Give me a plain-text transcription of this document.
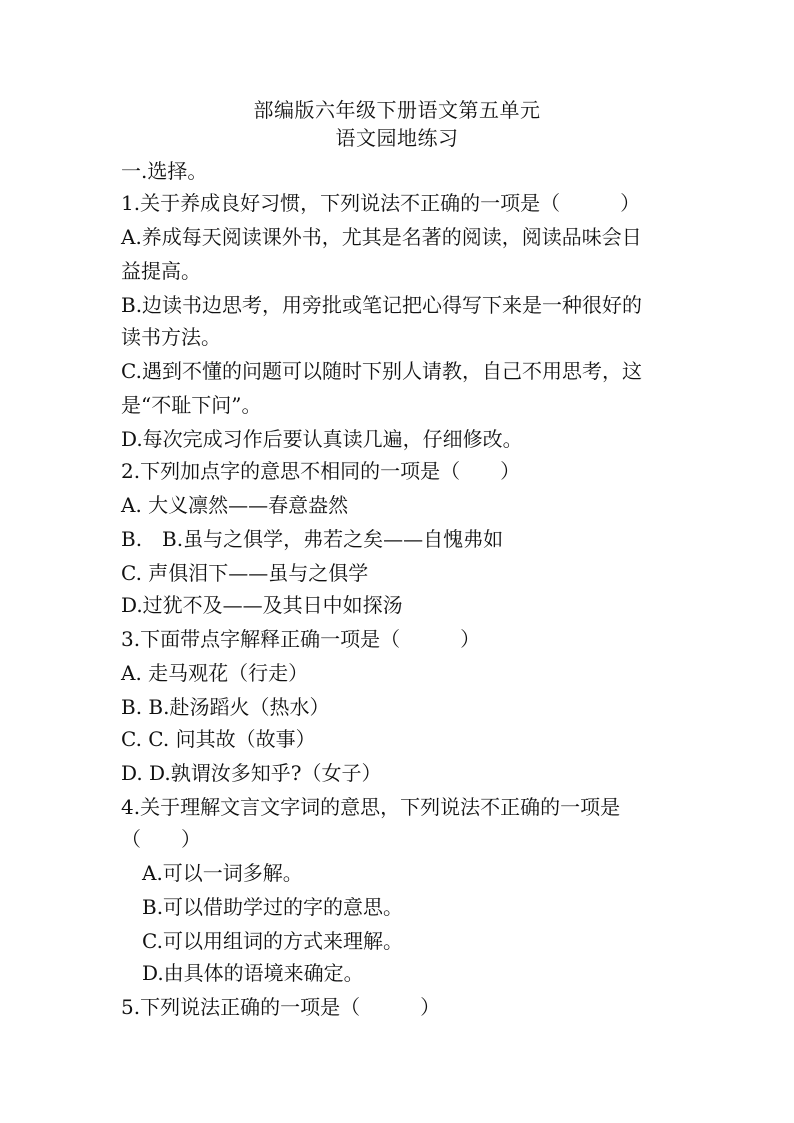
部编版六年级下册语文第五单元
语文园地练习
一.选择。
1.关于养成良好习惯，下列说法不正确的一项是（　　　）
A.养成每天阅读课外书，尤其是名著的阅读，阅读品味会日
益提高。
B.边读书边思考，用旁批或笔记把心得写下来是一种很好的
读书方法。
C.遇到不懂的问题可以随时下别人请教，自己不用思考，这
是“不耻下问”。
D.每次完成习作后要认真读几遍，仔细修改。
2.下列加点字的意思不相同的一项是（　　）
A. 大义凛然——春意盎然
B.　B.虽与之俱学，弗若之矣——自愧弗如
C. 声俱泪下——虽与之俱学
D.过犹不及——及其日中如探汤
3.下面带点字解释正确一项是（　　　）
A. 走马观花（行走）
B. B.赴汤蹈火（热水）
C. C. 问其故（故事）
D. D.孰谓汝多知乎?（女子）
4.关于理解文言文字词的意思，下列说法不正确的一项是
（　　）
A.可以一词多解。
B.可以借助学过的字的意思。
C.可以用组词的方式来理解。
D.由具体的语境来确定。
5.下列说法正确的一项是（　　　）
